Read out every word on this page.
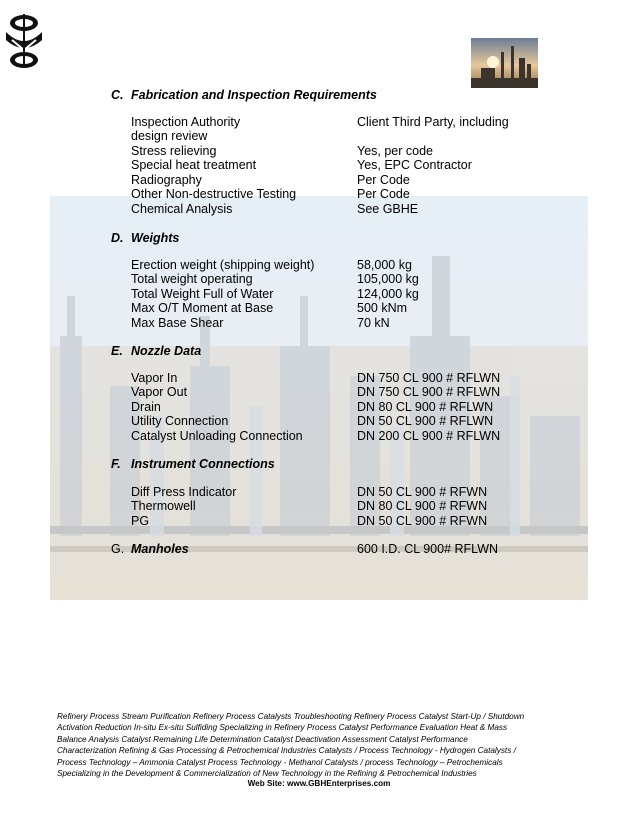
C. Fabrication and Inspection Requirements
Inspection Authority	Client Third Party, including
design review
Stress relieving	Yes, per code
Special heat treatment	Yes, EPC Contractor
Radiography	Per Code
Other Non-destructive Testing	Per Code
Chemical Analysis	See GBHE
D. Weights
Erection weight (shipping weight)	58,000 kg
Total weight operating	105,000 kg
Total Weight Full of Water	124,000 kg
Max O/T Moment at Base	500 kNm
Max Base Shear	70 kN
E. Nozzle Data
Vapor In	DN 750 CL 900 # RFLWN
Vapor Out	DN 750 CL 900 # RFLWN
Drain	DN 80 CL 900 # RFLWN
Utility Connection	DN 50 CL 900 # RFLWN
Catalyst Unloading Connection	DN 200 CL 900 # RFLWN
F. Instrument Connections
Diff Press Indicator	DN 50 CL 900 # RFWN
Thermowell	DN 80 CL 900 # RFWN
PG	DN 50 CL 900 # RFWN
G. Manholes	600 I.D. CL 900# RFLWN
Refinery Process Stream Purification Refinery Process Catalysts Troubleshooting Refinery Process Catalyst Start-Up / Shutdown
Activation Reduction In-situ Ex-situ Sulfiding Specializing in Refinery Process Catalyst Performance Evaluation Heat & Mass
Balance Analysis Catalyst Remaining Life Determination Catalyst Deactivation Assessment Catalyst Performance
Characterization Refining & Gas Processing & Petrochemical Industries Catalysts / Process Technology - Hydrogen Catalysts /
Process Technology – Ammonia Catalyst Process Technology - Methanol Catalysts / process Technology – Petrochemicals
Specializing in the Development & Commercialization of New Technology in the Refining & Petrochemical Industries
Web Site: www.GBHEnterprises.com
